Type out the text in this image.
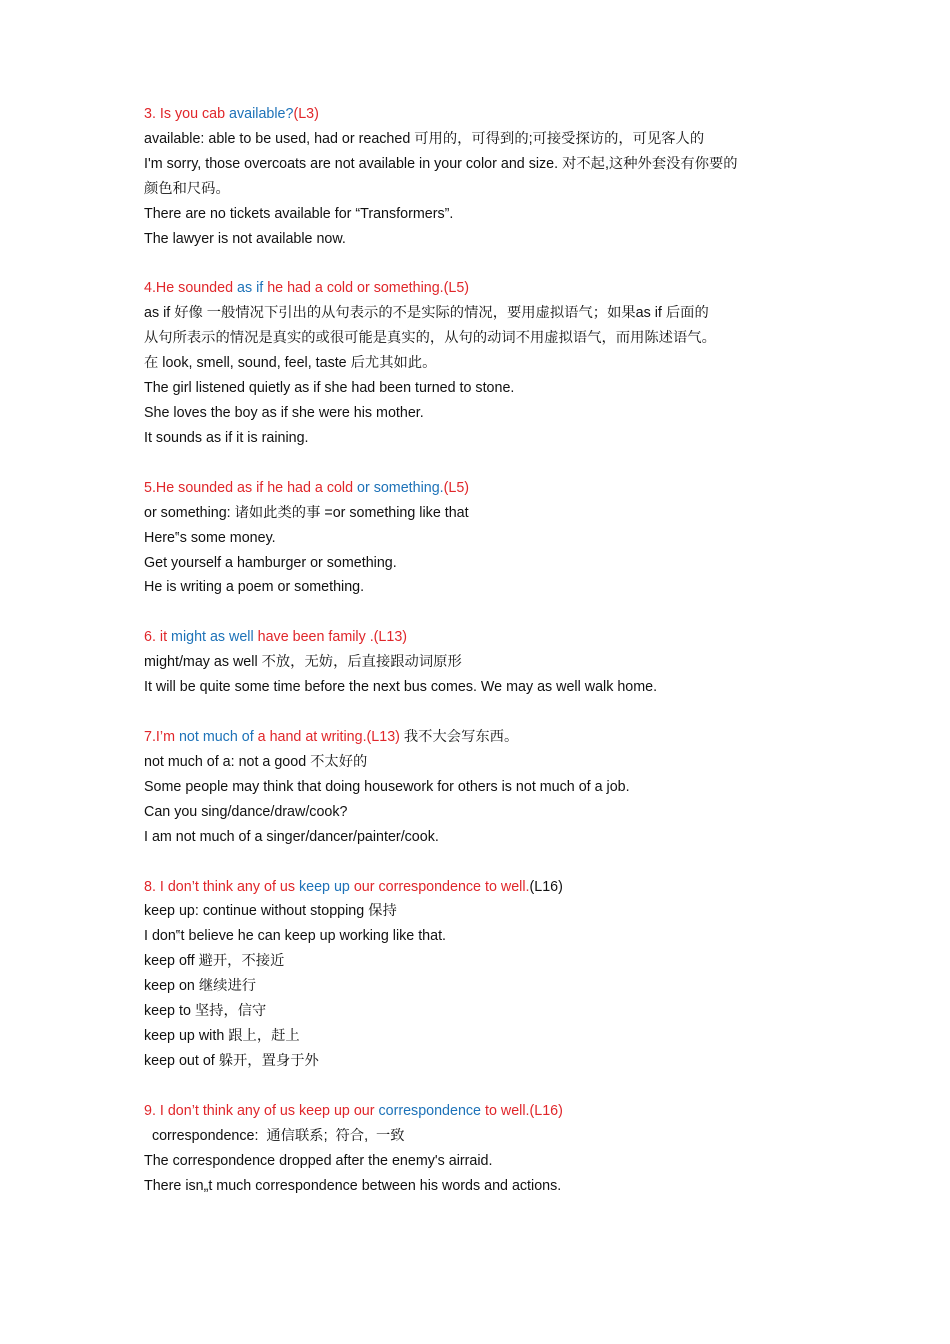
3. Is you cab available?(L3)
available: able to be used, had or reached 可用的，可得到的;可接受探访的，可见客人的
I'm sorry, those overcoats are not available in your color and size. 对不起,这种外套没有你要的
颜色和尺码。
There are no tickets available for “Transformers”.
The lawyer is not available now.
4.He sounded as if he had a cold or something.(L5)
as if 好像 一般情况下引出的从句表示的不是实际的情况，要用虚拟语气；如果as if 后面的
从句所表示的情况是真实的或很可能是真实的，从句的动词不用虚拟语气，而用陈述语气。
在 look, smell, sound, feel, taste 后尤其如此。
The girl listened quietly as if she had been turned to stone.
She loves the boy as if she were his mother.
It sounds as if it is raining.
5.He sounded as if he had a cold or something.(L5)
or something: 诸如此类的事 =or something like that
Here‟s some money.
Get yourself a hamburger or something.
He is writing a poem or something.
6. it might as well have been family .(L13)
might/may as well 不放，无妨，后直接跟动词原形
It will be quite some time before the next bus comes. We may as well walk home.
7.I’m not much of a hand at writing.(L13) 我不大会写东西。
not much of a: not a good 不太好的
Some people may think that doing housework for others is not much of a job.
Can you sing/dance/draw/cook?
I am not much of a singer/dancer/painter/cook.
8. I don’t think any of us keep up our correspondence to well.(L16)
keep up: continue without stopping 保持
I don‟t believe he can keep up working like that.
keep off 避开，不接近
keep on 继续进行
keep to 坚持，信守
keep up with 跟上，赶上
keep out of 躲开，置身于外
9. I don’t think any of us keep up our correspondence to well.(L16)
correspondence:  通信联系;  符合,  一致
The correspondence dropped after the enemy's airraid.
There isn„t much correspondence between his words and actions.
